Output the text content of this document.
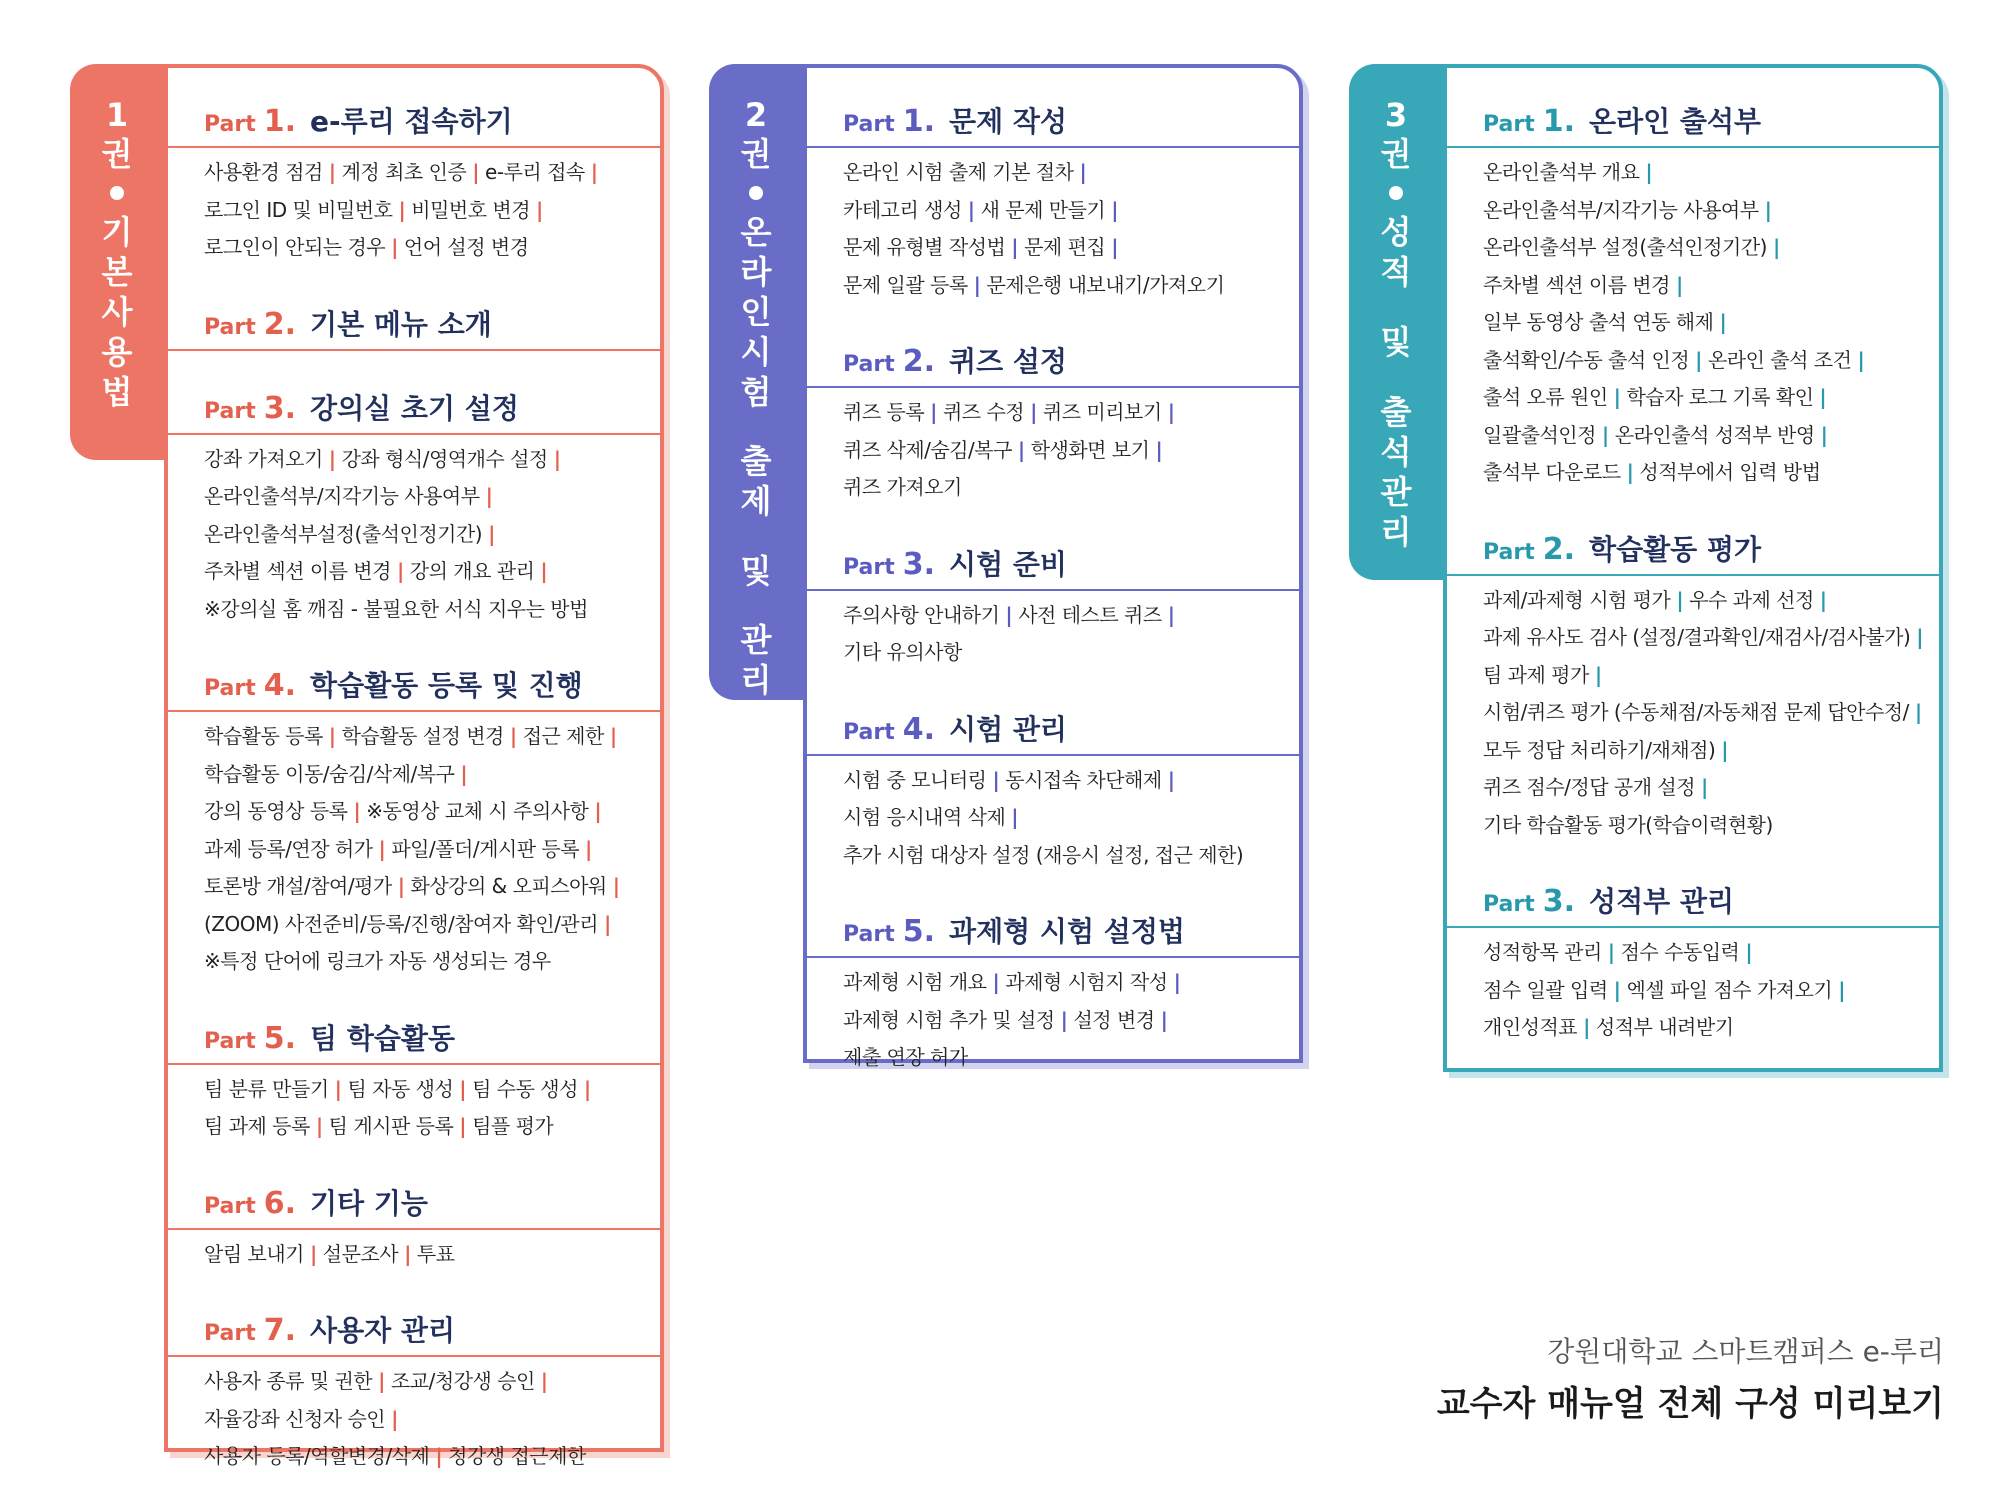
1
권
기
본
사
용
법
Part 1. e-루리 접속하기
사용환경 점검 | 계정 최초 인증 | e-루리 접속 |
로그인 ID 및 비밀번호 | 비밀번호 변경 |
로그인이 안되는 경우 | 언어 설정 변경
Part 2. 기본 메뉴 소개
Part 3. 강의실 초기 설정
강좌 가져오기 | 강좌 형식/영역개수 설정 |
온라인출석부/지각기능 사용여부 |
온라인출석부설정(출석인정기간) |
주차별 섹션 이름 변경 | 강의 개요 관리 |
※강의실 홈 깨짐 - 불필요한 서식 지우는 방법
Part 4. 학습활동 등록 및 진행
학습활동 등록 | 학습활동 설정 변경 | 접근 제한 |
학습활동 이동/숨김/삭제/복구 |
강의 동영상 등록 | ※동영상 교체 시 주의사항 |
과제 등록/연장 허가 | 파일/폴더/게시판 등록 |
토론방 개설/참여/평가 | 화상강의 & 오피스아워 |
(ZOOM) 사전준비/등록/진행/참여자 확인/관리 |
※특정 단어에 링크가 자동 생성되는 경우
Part 5. 팀 학습활동
팀 분류 만들기 | 팀 자동 생성 | 팀 수동 생성 |
팀 과제 등록 | 팀 게시판 등록 | 팀플 평가
Part 6. 기타 기능
알림 보내기 | 설문조사 | 투표
Part 7. 사용자 관리
사용자 종류 및 권한 | 조교/청강생 승인 |
자율강좌 신청자 승인 |
사용자 등록/역할변경/삭제 | 청강생 접근제한
2
권
온
라
인
시
험
출
제
및
관
리
Part 1. 문제 작성
온라인 시험 출제 기본 절차 |
카테고리 생성 | 새 문제 만들기 |
문제 유형별 작성법 | 문제 편집 |
문제 일괄 등록 | 문제은행 내보내기/가져오기
Part 2. 퀴즈 설정
퀴즈 등록 | 퀴즈 수정 | 퀴즈 미리보기 |
퀴즈 삭제/숨김/복구 | 학생화면 보기 |
퀴즈 가져오기
Part 3. 시험 준비
주의사항 안내하기 | 사전 테스트 퀴즈 |
기타 유의사항
Part 4. 시험 관리
시험 중 모니터링 | 동시접속 차단해제 |
시험 응시내역 삭제 |
추가 시험 대상자 설정 (재응시 설정, 접근 제한)
Part 5. 과제형 시험 설정법
과제형 시험 개요 | 과제형 시험지 작성 |
과제형 시험 추가 및 설정 | 설정 변경 |
제출 연장 허가
3
권
성
적
및
출
석
관
리
Part 1. 온라인 출석부
온라인출석부 개요 |
온라인출석부/지각기능 사용여부 |
온라인출석부 설정(출석인정기간) |
주차별 섹션 이름 변경 |
일부 동영상 출석 연동 해제 |
출석확인/수동 출석 인정 | 온라인 출석 조건 |
출석 오류 원인 | 학습자 로그 기록 확인 |
일괄출석인정 | 온라인출석 성적부 반영 |
출석부 다운로드 | 성적부에서 입력 방법
Part 2. 학습활동 평가
과제/과제형 시험 평가 | 우수 과제 선정 |
과제 유사도 검사 (설정/결과확인/재검사/검사불가) |
팀 과제 평가 |
시험/퀴즈 평가 (수동채점/자동채점 문제 답안수정/ |
모두 정답 처리하기/재채점) |
퀴즈 점수/정답 공개 설정 |
기타 학습활동 평가(학습이력현황)
Part 3. 성적부 관리
성적항목 관리 | 점수 수동입력 |
점수 일괄 입력 | 엑셀 파일 점수 가져오기 |
개인성적표 | 성적부 내려받기
강원대학교 스마트캠퍼스 e-루리
교수자 매뉴얼 전체 구성 미리보기
